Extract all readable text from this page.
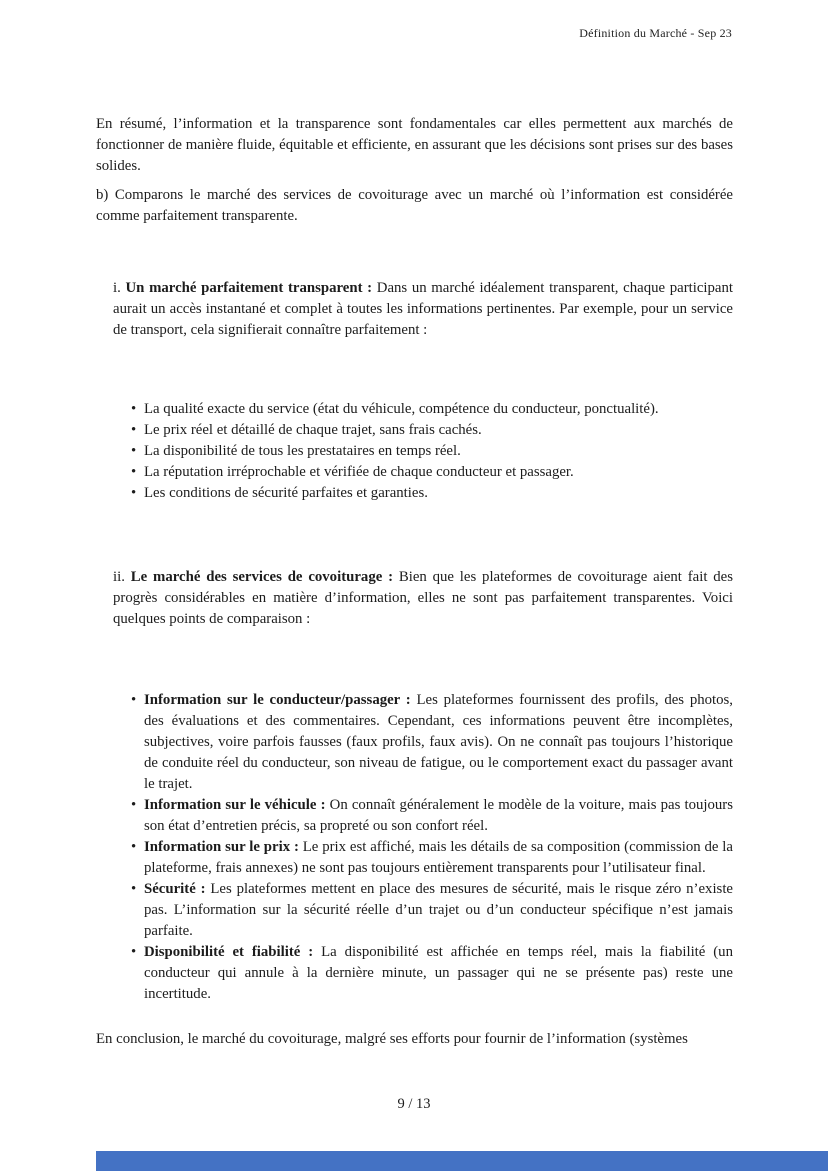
Définition du Marché - Sep 23

En résumé, l’information et la transparence sont fondamentales car elles permettent aux marchés de fonctionner de manière fluide, équitable et efficiente, en assurant que les décisions sont prises sur des bases solides.

b) Comparons le marché des services de covoiturage avec un marché où l’information est considérée comme parfaitement transparente.

i. Un marché parfaitement transparent : Dans un marché idéalement transparent, chaque participant aurait un accès instantané et complet à toutes les informations pertinentes. Par exemple, pour un service de transport, cela signifierait connaître parfaitement :

• La qualité exacte du service (état du véhicule, compétence du conducteur, ponctualité).
• Le prix réel et détaillé de chaque trajet, sans frais cachés.
• La disponibilité de tous les prestataires en temps réel.
• La réputation irréprochable et vérifiée de chaque conducteur et passager.
• Les conditions de sécurité parfaites et garanties.

ii. Le marché des services de covoiturage : Bien que les plateformes de covoiturage aient fait des progrès considérables en matière d’information, elles ne sont pas parfaitement transparentes. Voici quelques points de comparaison :

• Information sur le conducteur/passager : Les plateformes fournissent des profils, des photos, des évaluations et des commentaires. Cependant, ces informations peuvent être incomplètes, subjectives, voire parfois fausses (faux profils, faux avis). On ne connaît pas toujours l’historique de conduite réel du conducteur, son niveau de fatigue, ou le comportement exact du passager avant le trajet.
• Information sur le véhicule : On connaît généralement le modèle de la voiture, mais pas toujours son état d’entretien précis, sa propreté ou son confort réel.
• Information sur le prix : Le prix est affiché, mais les détails de sa composition (commission de la plateforme, frais annexes) ne sont pas toujours entièrement transparents pour l’utilisateur final.
• Sécurité : Les plateformes mettent en place des mesures de sécurité, mais le risque zéro n’existe pas. L’information sur la sécurité réelle d’un trajet ou d’un conducteur spécifique n’est jamais parfaite.
• Disponibilité et fiabilité : La disponibilité est affichée en temps réel, mais la fiabilité (un conducteur qui annule à la dernière minute, un passager qui ne se présente pas) reste une incertitude.

En conclusion, le marché du covoiturage, malgré ses efforts pour fournir de l’information (systèmes

9 / 13
